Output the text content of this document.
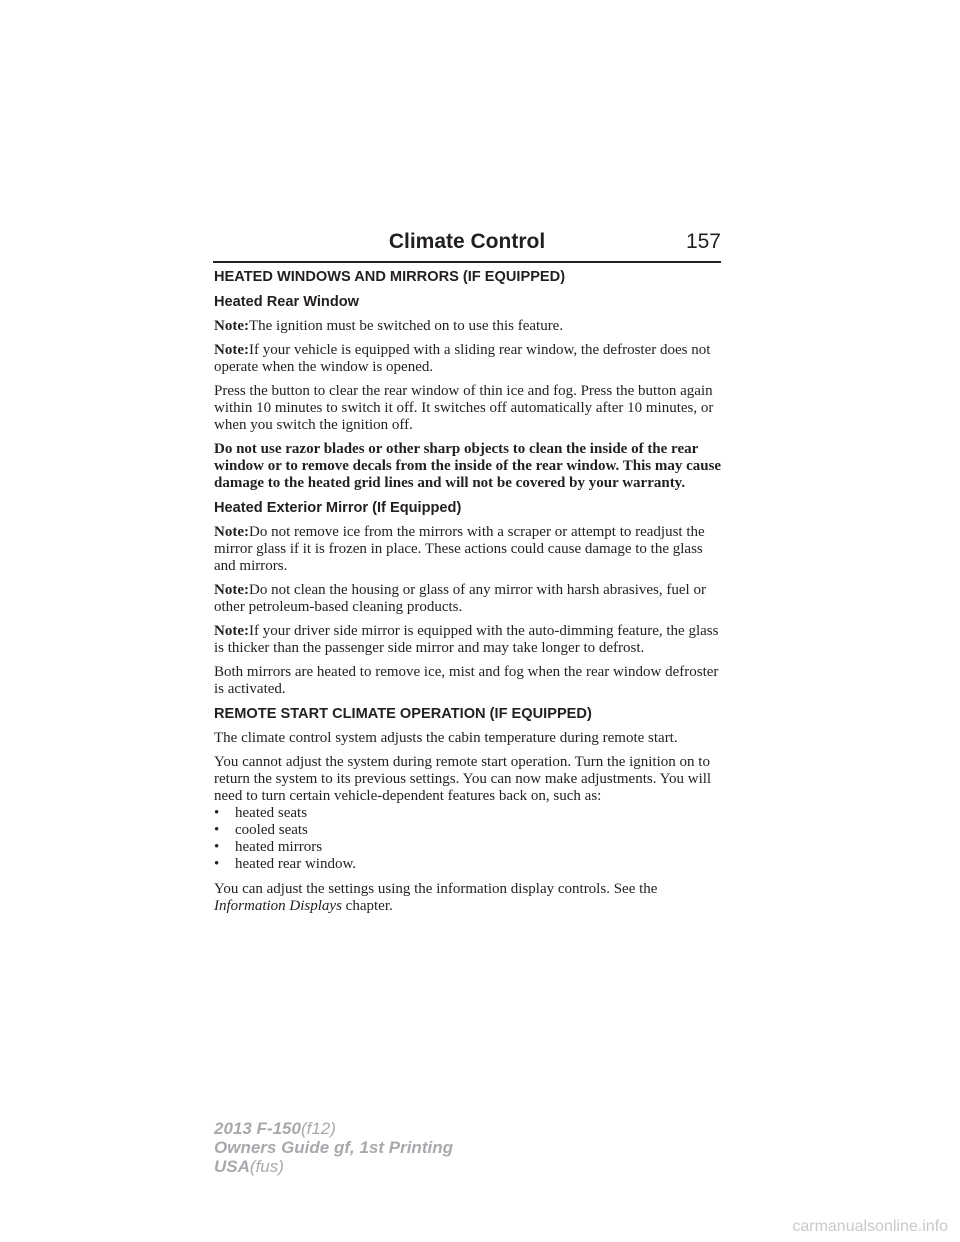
Climate Control	157
HEATED WINDOWS AND MIRRORS (IF EQUIPPED)
Heated Rear Window

Note:The ignition must be switched on to use this feature.

Note:If your vehicle is equipped with a sliding rear window, the defroster does not operate when the window is opened.

Press the button to clear the rear window of thin ice and fog. Press the button again within 10 minutes to switch it off. It switches off automatically after 10 minutes, or when you switch the ignition off.

Do not use razor blades or other sharp objects to clean the inside of the rear window or to remove decals from the inside of the rear window. This may cause damage to the heated grid lines and will not be covered by your warranty.

Heated Exterior Mirror (If Equipped)

Note:Do not remove ice from the mirrors with a scraper or attempt to readjust the mirror glass if it is frozen in place. These actions could cause damage to the glass and mirrors.

Note:Do not clean the housing or glass of any mirror with harsh abrasives, fuel or other petroleum-based cleaning products.

Note:If your driver side mirror is equipped with the auto-dimming feature, the glass is thicker than the passenger side mirror and may take longer to defrost.

Both mirrors are heated to remove ice, mist and fog when the rear window defroster is activated.

REMOTE START CLIMATE OPERATION (IF EQUIPPED)

The climate control system adjusts the cabin temperature during remote start.

You cannot adjust the system during remote start operation. Turn the ignition on to return the system to its previous settings. You can now make adjustments. You will need to turn certain vehicle-dependent features back on, such as:

• heated seats
• cooled seats
• heated mirrors
• heated rear window.

You can adjust the settings using the information display controls. See the Information Displays chapter.

2013 F-150(f12)
Owners Guide gf, 1st Printing
USA(fus)
carmanualsonline.info
